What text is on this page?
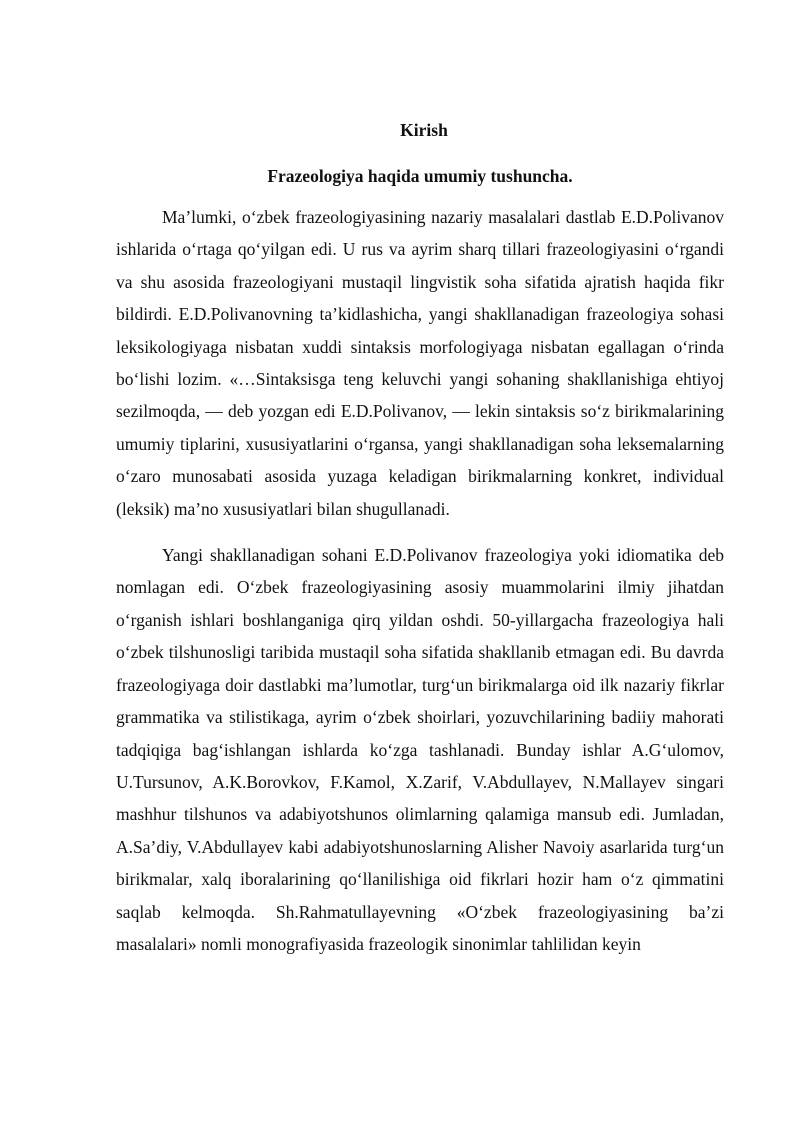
Kirish
Frazeologiya haqida umumiy tushuncha.

Ma’lumki, o‘zbek frazeologiyasining nazariy masalalari dastlab E.D.Polivanov ishlarida o‘rtaga qo‘yilgan edi. U rus va ayrim sharq tillari frazeologiyasini o‘rgandi va shu asosida frazeologiyani mustaqil lingvistik soha sifatida ajratish haqida fikr bildirdi. E.D.Polivanovning ta’kidlashicha, yangi shakllanadigan frazeologiya sohasi leksikologiyaga nisbatan xuddi sintaksis morfologiyaga nisbatan egallagan o‘rinda bo‘lishi lozim. «…Sintaksisga teng keluvchi yangi sohaning shakllanishiga ehtiyoj sezilmoqda, — deb yozgan edi E.D.Polivanov, — lekin sintaksis so‘z birikmalarining umumiy tiplarini, xususiyatlarini o‘rgansa, yangi shakllanadigan soha leksemalarning o‘zaro munosabati asosida yuzaga keladigan birikmalarning konkret, individual (leksik) ma’no xususiyatlari bilan shugullanadi.

Yangi shakllanadigan sohani E.D.Polivanov frazeologiya yoki idiomatika deb nomlagan edi. O‘zbek frazeologiyasining asosiy muammolarini ilmiy jihatdan o‘rganish ishlari boshlanganiga qirq yildan oshdi. 50-yillargacha frazeologiya hali o‘zbek tilshunosligi taribida mustaqil soha sifatida shakllanib etmagan edi. Bu davrda frazeologiyaga doir dastlabki ma’lumotlar, turg‘un birikmalarga oid ilk nazariy fikrlar grammatika va stilistikaga, ayrim o‘zbek shoirlari, yozuvchilarining badiiy mahorati tadqiqiga bag‘ishlangan ishlarda ko‘zga tashlanadi. Bunday ishlar A.G‘ulomov, U.Tursunov, A.K.Borovkov, F.Kamol, X.Zarif, V.Abdullayev, N.Mallayev singari mashhur tilshunos va adabiyotshunos olimlarning qalamiga mansub edi. Jumladan, A.Sa’diy, V.Abdullayev kabi adabiyotshunoslarning Alisher Navoiy asarlarida turg‘un birikmalar, xalq iboralarining qo‘llanilishiga oid fikrlari hozir ham o‘z qimmatini saqlab kelmoqda. Sh.Rahmatullayevning «O‘zbek frazeologiyasining ba’zi masalalari» nomli monografiyasida frazeologik sinonimlar tahlilidan keyin
